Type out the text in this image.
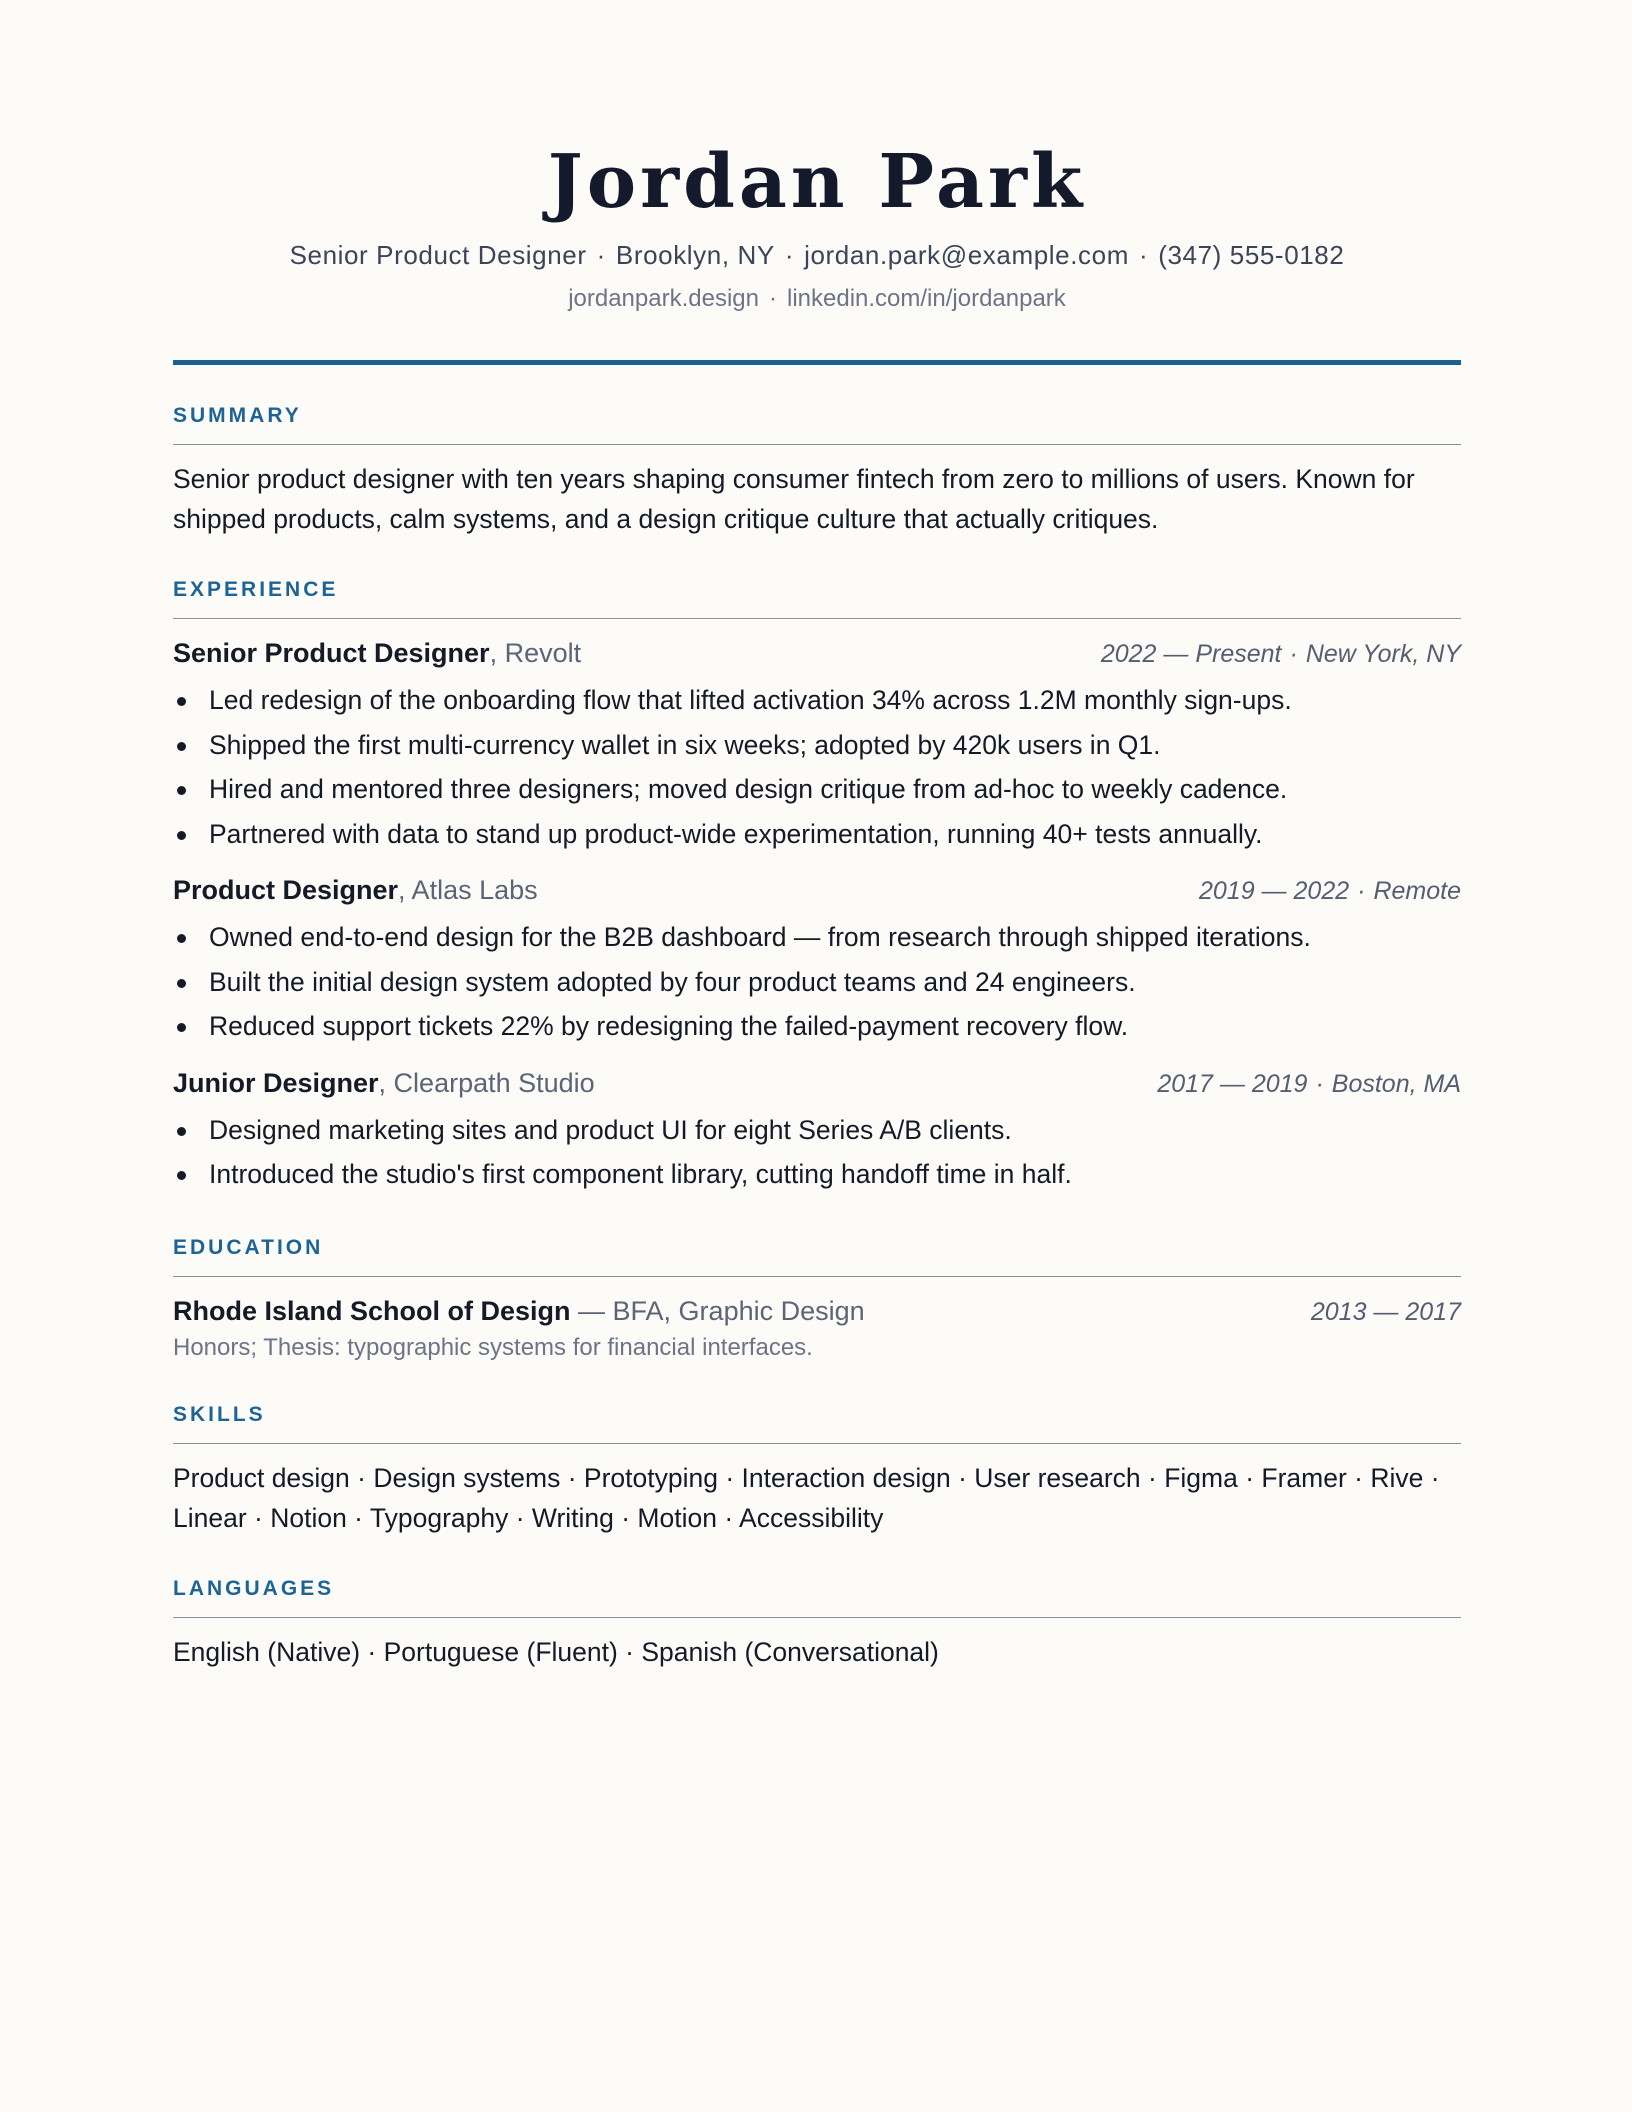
Jordan Park
Senior Product Designer · Brooklyn, NY · jordan.park@example.com · (347) 555-0182
jordanpark.design · linkedin.com/in/jordanpark
SUMMARY
Senior product designer with ten years shaping consumer fintech from zero to millions of users. Known for shipped products, calm systems, and a design critique culture that actually critiques.
EXPERIENCE
Senior Product Designer, Revolt	2022 — Present · New York, NY
Led redesign of the onboarding flow that lifted activation 34% across 1.2M monthly sign-ups.
Shipped the first multi-currency wallet in six weeks; adopted by 420k users in Q1.
Hired and mentored three designers; moved design critique from ad-hoc to weekly cadence.
Partnered with data to stand up product-wide experimentation, running 40+ tests annually.
Product Designer, Atlas Labs	2019 — 2022 · Remote
Owned end-to-end design for the B2B dashboard — from research through shipped iterations.
Built the initial design system adopted by four product teams and 24 engineers.
Reduced support tickets 22% by redesigning the failed-payment recovery flow.
Junior Designer, Clearpath Studio	2017 — 2019 · Boston, MA
Designed marketing sites and product UI for eight Series A/B clients.
Introduced the studio's first component library, cutting handoff time in half.
EDUCATION
Rhode Island School of Design — BFA, Graphic Design	2013 — 2017
Honors; Thesis: typographic systems for financial interfaces.
SKILLS
Product design · Design systems · Prototyping · Interaction design · User research · Figma · Framer · Rive · Linear · Notion · Typography · Writing · Motion · Accessibility
LANGUAGES
English (Native) · Portuguese (Fluent) · Spanish (Conversational)
